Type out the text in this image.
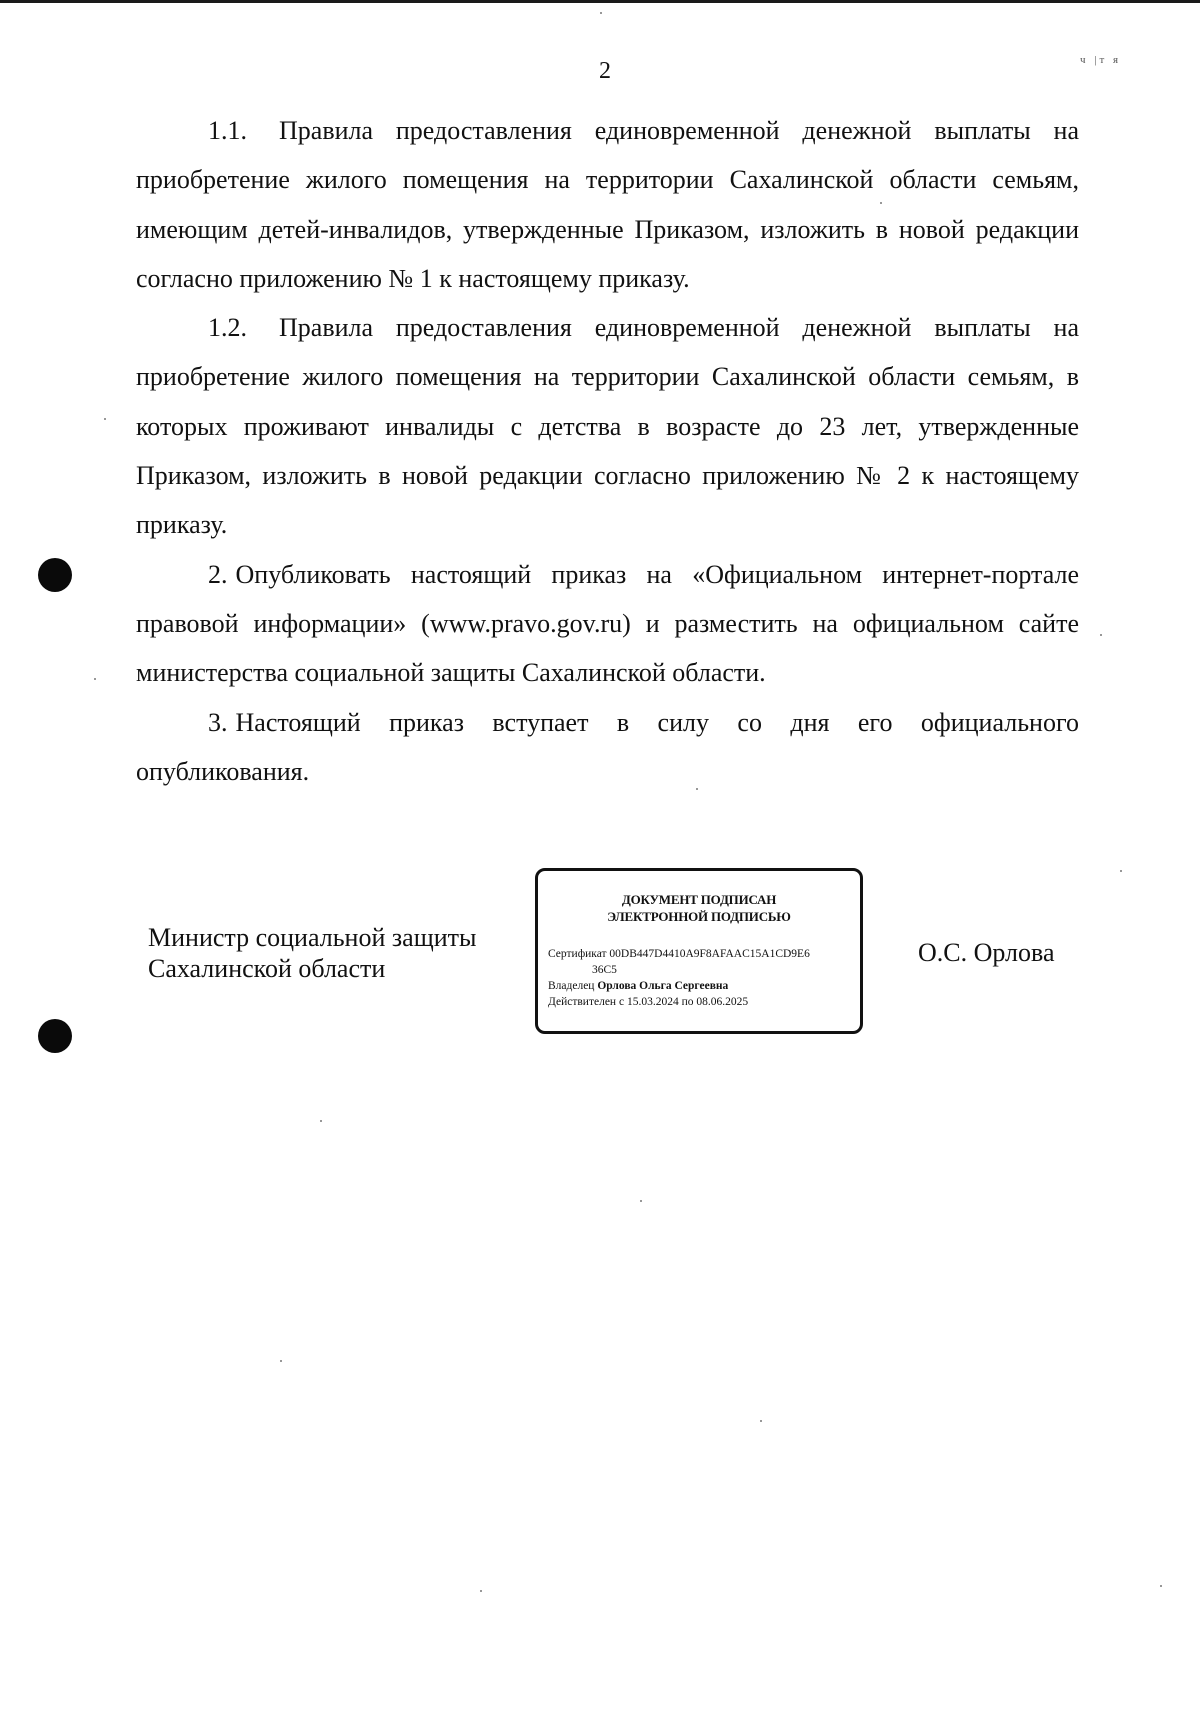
2	ч |т я

1.1. Правила предоставления единовременной денежной выплаты на приобретение жилого помещения на территории Сахалинской области семьям, имеющим детей-инвалидов, утвержденные Приказом, изложить в новой редакции согласно приложению № 1 к настоящему приказу.

1.2. Правила предоставления единовременной денежной выплаты на приобретение жилого помещения на территории Сахалинской области семьям, в которых проживают инвалиды с детства в возрасте до 23 лет, утвержденные Приказом, изложить в новой редакции согласно приложению № 2 к настоящему приказу.

2. Опубликовать настоящий приказ на «Официальном интернет-портале правовой информации» (www.pravo.gov.ru) и разместить на официальном сайте министерства социальной защиты Сахалинской области.

3. Настоящий приказ вступает в силу со дня его официального опубликования.

Министр социальной защиты
Сахалинской области
ДОКУМЕНТ ПОДПИСАН
ЭЛЕКТРОННОЙ ПОДПИСЬЮ
Сертификат 00DB447D4410A9F8AFAAC15A1CD9E6
36C5
Владелец Орлова Ольга Сергеевна
Действителен с 15.03.2024 по 08.06.2025
О.С. Орлова
